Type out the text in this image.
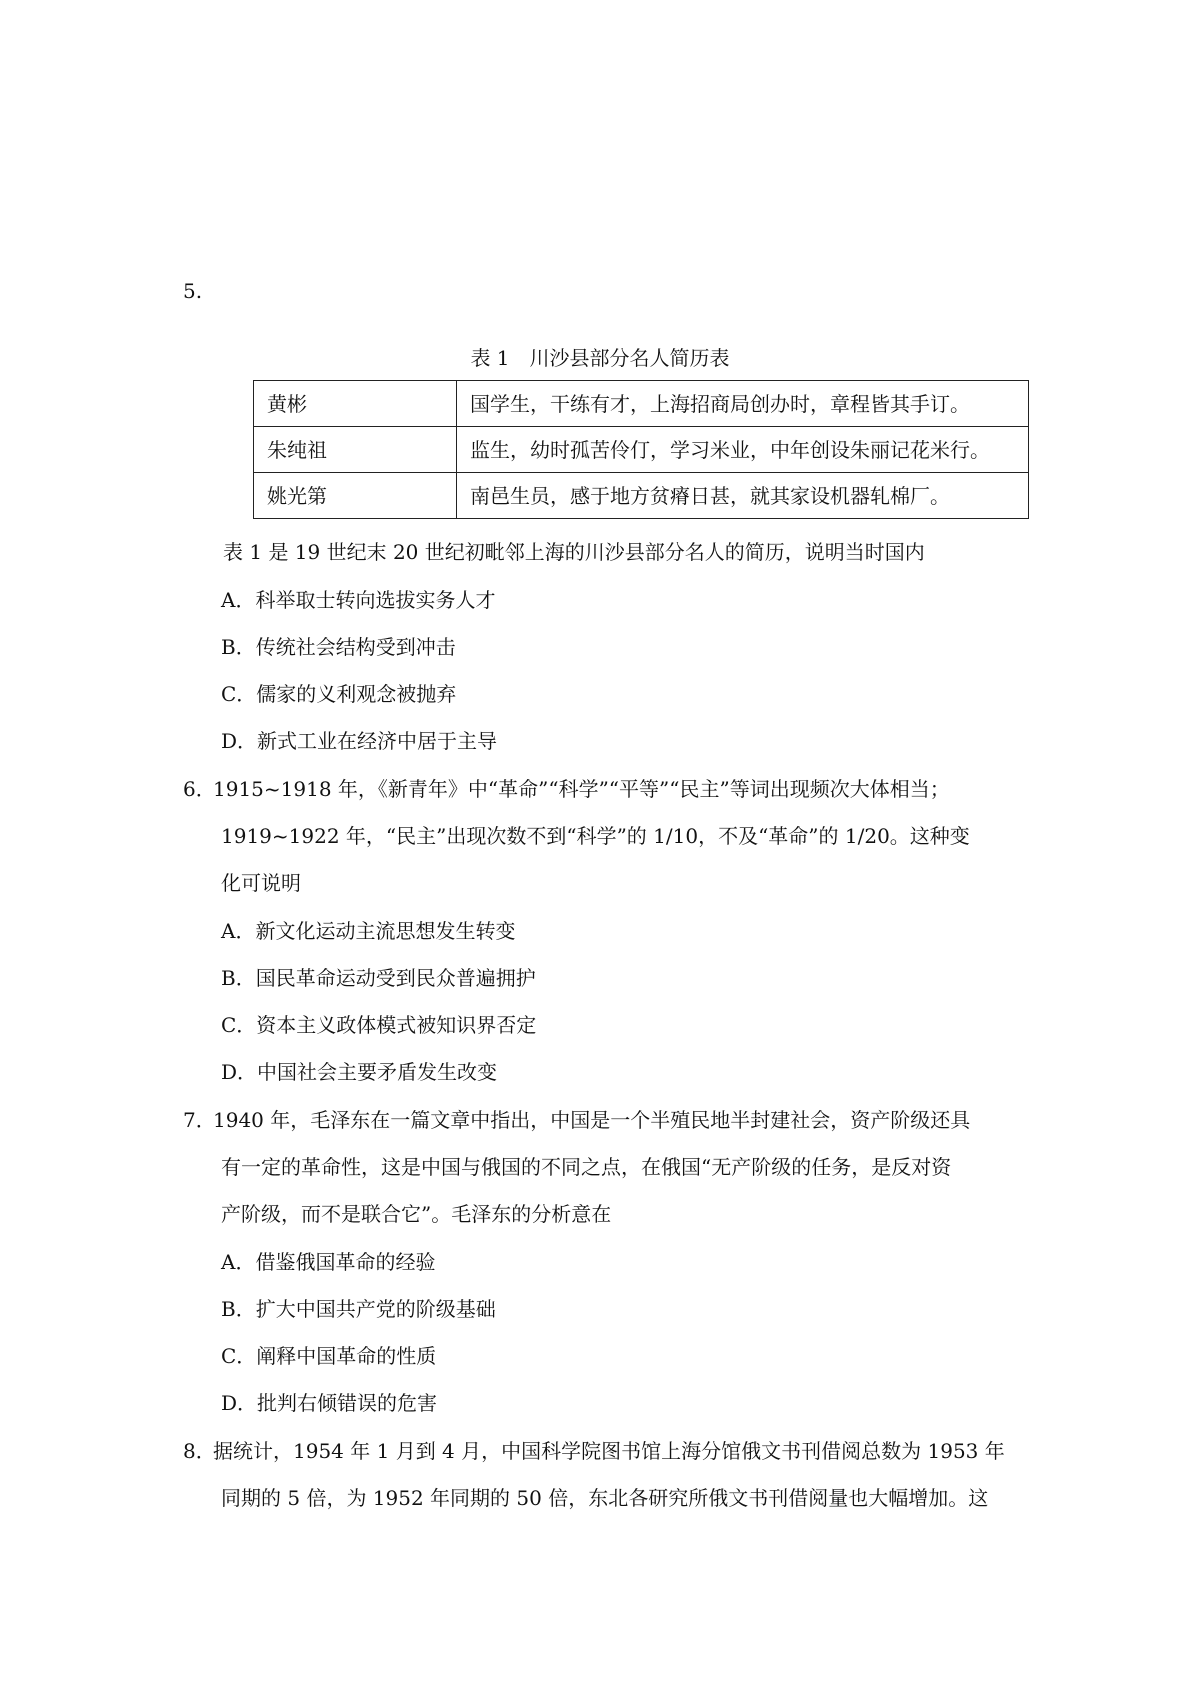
5.
表 1　川沙县部分名人简历表
黄彬	国学生，干练有才，上海招商局创办时，章程皆其手订。
朱纯祖	监生，幼时孤苦伶仃，学习米业，中年创设朱丽记花米行。
姚光第	南邑生员，感于地方贫瘠日甚，就其家设机器轧棉厂。
表 1 是 19 世纪末 20 世纪初毗邻上海的川沙县部分名人的简历，说明当时国内
A．科举取士转向选拔实务人才
B．传统社会结构受到冲击
C．儒家的义利观念被抛弃
D．新式工业在经济中居于主导
6．
1915~1918 年，《新青年》中“革命”“科学”“平等”“民主”等词出现频次大体相当；
1919~1922 年，“民主”出现次数不到“科学”的 1/10，不及“革命”的 1/20。这种变
化可说明
A．新文化运动主流思想发生转变
B．国民革命运动受到民众普遍拥护
C．资本主义政体模式被知识界否定
D．中国社会主要矛盾发生改变
7．
1940 年，毛泽东在一篇文章中指出，中国是一个半殖民地半封建社会，资产阶级还具
有一定的革命性，这是中国与俄国的不同之点，在俄国“无产阶级的任务，是反对资
产阶级，而不是联合它”。毛泽东的分析意在
A．借鉴俄国革命的经验
B．扩大中国共产党的阶级基础
C．阐释中国革命的性质
D．批判右倾错误的危害
8．
据统计，1954 年 1 月到 4 月，中国科学院图书馆上海分馆俄文书刊借阅总数为 1953 年
同期的 5 倍，为 1952 年同期的 50 倍，东北各研究所俄文书刊借阅量也大幅增加。这
